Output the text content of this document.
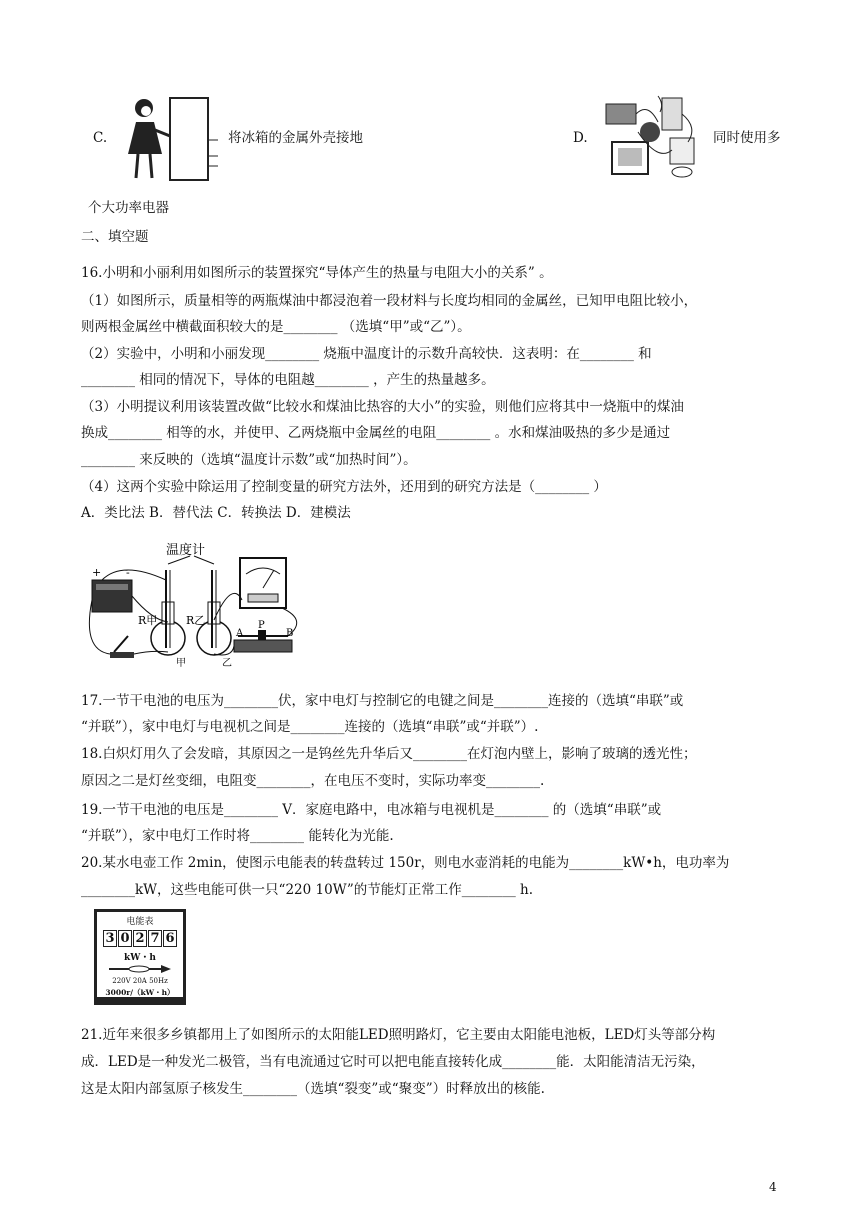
C.	将冰箱的金属外壳接地	D.	同时使用多
个大功率电器
二、填空题
16.小明和小丽利用如图所示的装置探究“导体产生的热量与电阻大小的关系” 。
（1）如图所示，质量相等的两瓶煤油中都浸泡着一段材料与长度均相同的金属丝，已知甲电阻比较小，
则两根金属丝中横截面积较大的是________ （选填“甲”或“乙”）。
（2）实验中，小明和小丽发现________ 烧瓶中温度计的示数升高较快．这表明：在________ 和
________ 相同的情况下，导体的电阻越________ ，产生的热量越多。
（3）小明提议利用该装置改做“比较水和煤油比热容的大小”的实验，则他们应将其中一烧瓶中的煤油
换成________ 相等的水，并使甲、乙两烧瓶中金属丝的电阻________ 。水和煤油吸热的多少是通过
________ 来反映的（选填“温度计示数”或“加热时间”）。
（4）这两个实验中除运用了控制变量的研究方法外，还用到的研究方法是（________ ）
A．类比法 B．替代法 C．转换法 D．建模法
+ -
温度计
R甲	R乙
甲	乙
A
P
B
17.一节干电池的电压为________伏，家中电灯与控制它的电键之间是________连接的（选填“串联”或
“并联”），家中电灯与电视机之间是________连接的（选填“串联”或“并联”）.
18.白炽灯用久了会发暗，其原因之一是钨丝先升华后又________在灯泡内壁上，影响了玻璃的透光性；
原因之二是灯丝变细，电阻变________，在电压不变时，实际功率变________.
19.一节干电池的电压是________ V．家庭电路中，电冰箱与电视机是________ 的（选填“串联”或
“并联”），家中电灯工作时将________ 能转化为光能.
20.某水电壶工作 2min，使图示电能表的转盘转过 150r，则电水壶消耗的电能为________kW•h，电功率为
________kW，这些电能可供一只“220 10W”的节能灯正常工作________ h.
电能表
3 0 2 7 6
kW・h
220V 20A 50Hz
3000r/（kW・h）
21.近年来很多乡镇都用上了如图所示的太阳能LED照明路灯，它主要由太阳能电池板，LED灯头等部分构
成．LED是一种发光二极管，当有电流通过它时可以把电能直接转化成________能．太阳能清洁无污染，
这是太阳内部氢原子核发生________（选填“裂变”或“聚变”）时释放出的核能.
4
